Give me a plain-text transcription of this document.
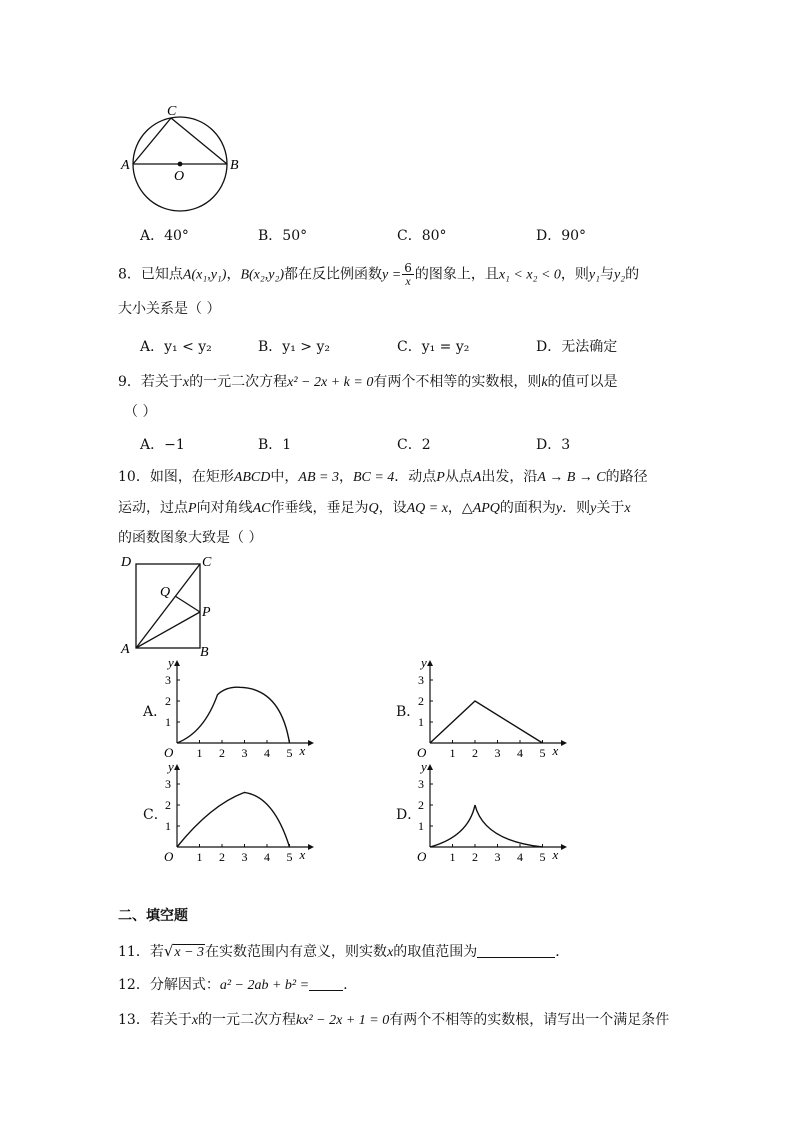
C
A	B
O
A．40°	B．50°	C．80°	D．90°
8．已知点A(x₁,y₁)，B(x₂,y₂)都在反比例函数$y = \frac{6}{x}$ 的图象上，且x₁ < x₂ < 0，则y₁与y₂的
大小关系是（ ）
A．y₁ < y₂	B．y₁ > y₂	C．y₁ = y₂	D．无法确定
9．若关于x的一元二次方程x² − 2x + k = 0有两个不相等的实数根，则k的值可以是
（ ）
A．−1	B．1	C．2	D．3
10．如图，在矩形ABCD中，AB = 3，BC = 4．动点P从点A出发，沿A → B → C的路径
运动，过点P向对角线AC作垂线，垂足为Q，设AQ = x，△APQ的面积为y．则y关于x
的函数图象大致是（ ）
D	C
Q
P
A	B
A．	B．
C．	D．
1 2 3 4 5
1
2
3
O	x
y
1 2 3 4 5
1
2
3
O	x
y
1 2 3 4 5
1
2
3
O	x
y
1 2 3 4 5
1
2
3
O	x
y
二、填空题
11．若√x − 3在实数范围内有意义，则实数x的取值范围为	．
12．分解因式：a² − 2ab + b² = .
13．若关于x的一元二次方程kx² − 2x + 1 = 0有两个不相等的实数根，请写出一个满足条件
